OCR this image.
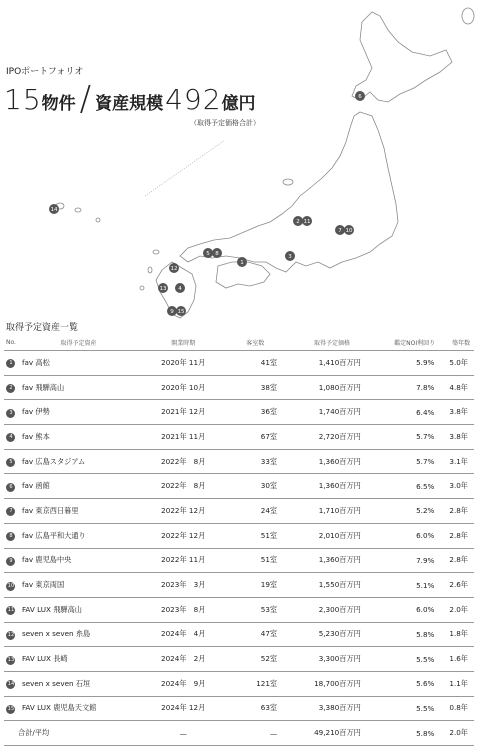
6
2 11
7 10
3
5 8
1
12
13 4
9 15
14
IPOポートフォリオ
15 物件 / 資産規模 492 億円
（取得予定価格合計）
取得予定資産一覧
No.	取得予定資産	開業時期	客室数	取得予定価格	鑑定NOI利回り	築年数
1	fav 高松	2020年 11月	41室	1,410百万円	5.9%	5.0年
2	fav 飛騨高山	2020年 10月	38室	1,080百万円	7.8%	4.8年
3	fav 伊勢	2021年 12月	36室	1,740百万円	6.4%	3.8年
4	fav 熊本	2021年 11月	67室	2,720百万円	5.7%	3.8年
5	fav 広島スタジアム	2022年　8月	33室	1,360百万円	5.7%	3.1年
6	fav 函館	2022年　8月	30室	1,360百万円	6.5%	3.0年
7	fav 東京西日暮里	2022年 12月	24室	1,710百万円	5.2%	2.8年
8	fav 広島平和大通り	2022年 12月	51室	2,010百万円	6.0%	2.8年
9	fav 鹿児島中央	2022年 11月	51室	1,360百万円	7.9%	2.8年
10	fav 東京両国	2023年　3月	19室	1,550百万円	5.1%	2.6年
11	FAV LUX 飛騨高山	2023年　8月	53室	2,300百万円	6.0%	2.0年
12	seven x seven 糸島	2024年　4月	47室	5,230百万円	5.8%	1.8年
13	FAV LUX 長崎	2024年　2月	52室	3,300百万円	5.5%	1.6年
14	seven x seven 石垣	2024年　9月	121室	18,700百万円	5.6%	1.1年
15	FAV LUX 鹿児島天文館	2024年 12月	63室	3,380百万円	5.5%	0.8年
合計/平均		—	—	49,210百万円	5.8%	2.0年
